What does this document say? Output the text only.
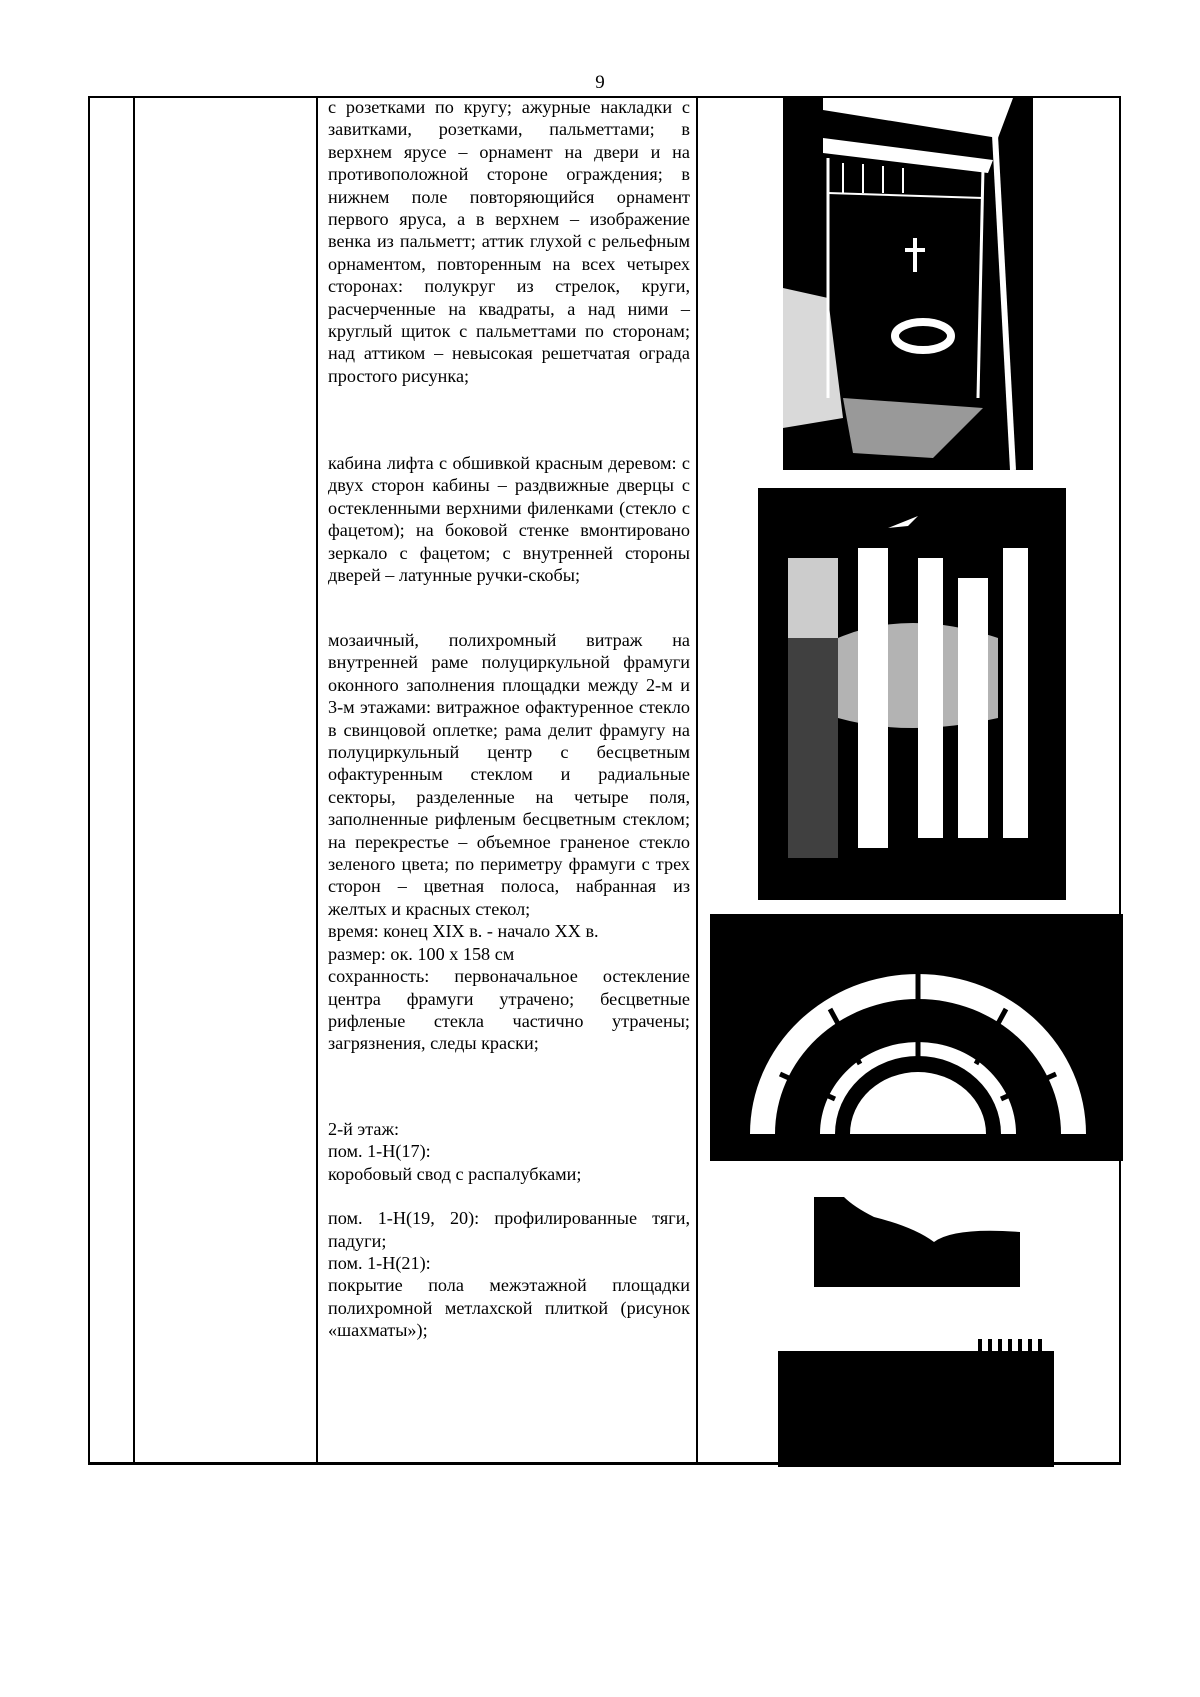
9

с розетками по кругу; ажурные накладки с завитками, розетками, пальметтами; в верхнем ярусе – орнамент на двери и на противоположной стороне ограждения; в нижнем поле повторяющийся орнамент первого яруса, а в верхнем – изображение венка из пальметт; аттик глухой с рельефным орнаментом, повторенным на всех четырех сторонах: полукруг из стрелок, круги, расчерченные на квадраты, а над ними – круглый щиток с пальметтами по сторонам; над аттиком – невысокая решетчатая ограда простого рисунка;

кабина лифта с обшивкой красным деревом: с двух сторон кабины – раздвижные дверцы с остекленными верхними филенками (стекло с фацетом); на боковой стенке вмонтировано зеркало с фацетом; с внутренней стороны дверей – латунные ручки-скобы;

мозаичный, полихромный витраж на внутренней раме полуциркульной фрамуги оконного заполнения площадки между 2-м и 3-м этажами: витражное офактуренное стекло в свинцовой оплетке; рама делит фрамугу на полуциркульный центр с бесцветным офактуренным стеклом и радиальные секторы, разделенные на четыре поля, заполненные рифленым бесцветным стеклом; на перекрестье – объемное граненое стекло зеленого цвета; по периметру фрамуги с трех сторон – цветная полоса, набранная из желтых и красных стекол;

время: конец XIX в. - начало XX в.

размер: ок. 100 х 158 см

сохранность: первоначальное остекление центра фрамуги утрачено; бесцветные рифленые стекла частично утрачены; загрязнения, следы краски;

2-й этаж:

пом. 1-Н(17):

коробовый свод с распалубками;

пом. 1-Н(19, 20): профилированные тяги, падуги;

пом. 1-Н(21):

покрытие пола межэтажной площадки полихромной метлахской плиткой (рисунок «шахматы»);
